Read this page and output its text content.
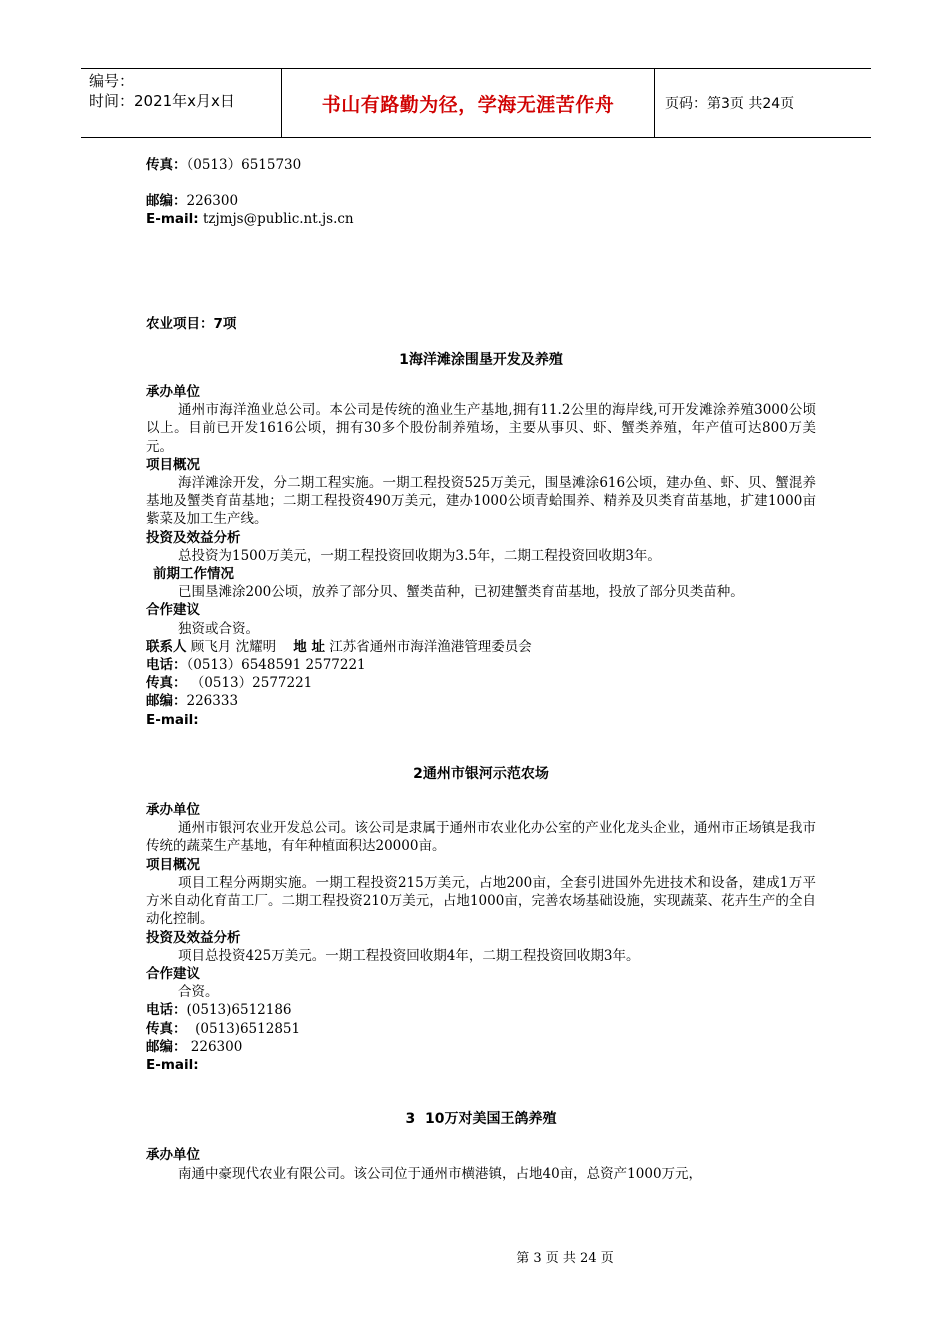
编号：
时间：2021年x月x日	书山有路勤为径，学海无涯苦作舟	页码：第3页 共24页
传真：（0513）6515730
邮编：226300
E-mail: tzjmjs@public.nt.js.cn
农业项目：7项
1海洋滩涂围垦开发及养殖
承办单位
通州市海洋渔业总公司。本公司是传统的渔业生产基地,拥有11.2公里的海岸线,可开发滩涂养殖3000公顷以上。目前已开发1616公顷，拥有30多个股份制养殖场，主要从事贝、虾、蟹类养殖，年产值可达800万美元。
项目概况
海洋滩涂开发，分二期工程实施。一期工程投资525万美元，围垦滩涂616公顷，建办鱼、虾、贝、蟹混养基地及蟹类育苗基地；二期工程投资490万美元，建办1000公顷青蛤围养、精养及贝类育苗基地，扩建1000亩紫菜及加工生产线。
投资及效益分析
总投资为1500万美元，一期工程投资回收期为3.5年，二期工程投资回收期3年。
前期工作情况
已围垦滩涂200公顷，放养了部分贝、蟹类苗种，已初建蟹类育苗基地，投放了部分贝类苗种。
合作建议
独资或合资。
联系人 顾飞月 沈耀明 地 址 江苏省通州市海洋渔港管理委员会
电话：（0513）6548591 2577221
传真： （0513）2577221
邮编：226333
E-mail:
2通州市银河示范农场
承办单位
通州市银河农业开发总公司。该公司是隶属于通州市农业化办公室的产业化龙头企业，通州市正场镇是我市传统的蔬菜生产基地，有年种植面积达20000亩。
项目概况
项目工程分两期实施。一期工程投资215万美元，占地200亩，全套引进国外先进技术和设备，建成1万平方米自动化育苗工厂。二期工程投资210万美元，占地1000亩，完善农场基础设施，实现蔬菜、花卉生产的全自动化控制。
投资及效益分析
项目总投资425万美元。一期工程投资回收期4年，二期工程投资回收期3年。
合作建议
合资。
电话：(0513)6512186
传真：  (0513)6512851
邮编： 226300
E-mail:
3  10万对美国王鸽养殖
承办单位
南通中豪现代农业有限公司。该公司位于通州市横港镇，占地40亩，总资产1000万元，
第 3 页 共 24 页
